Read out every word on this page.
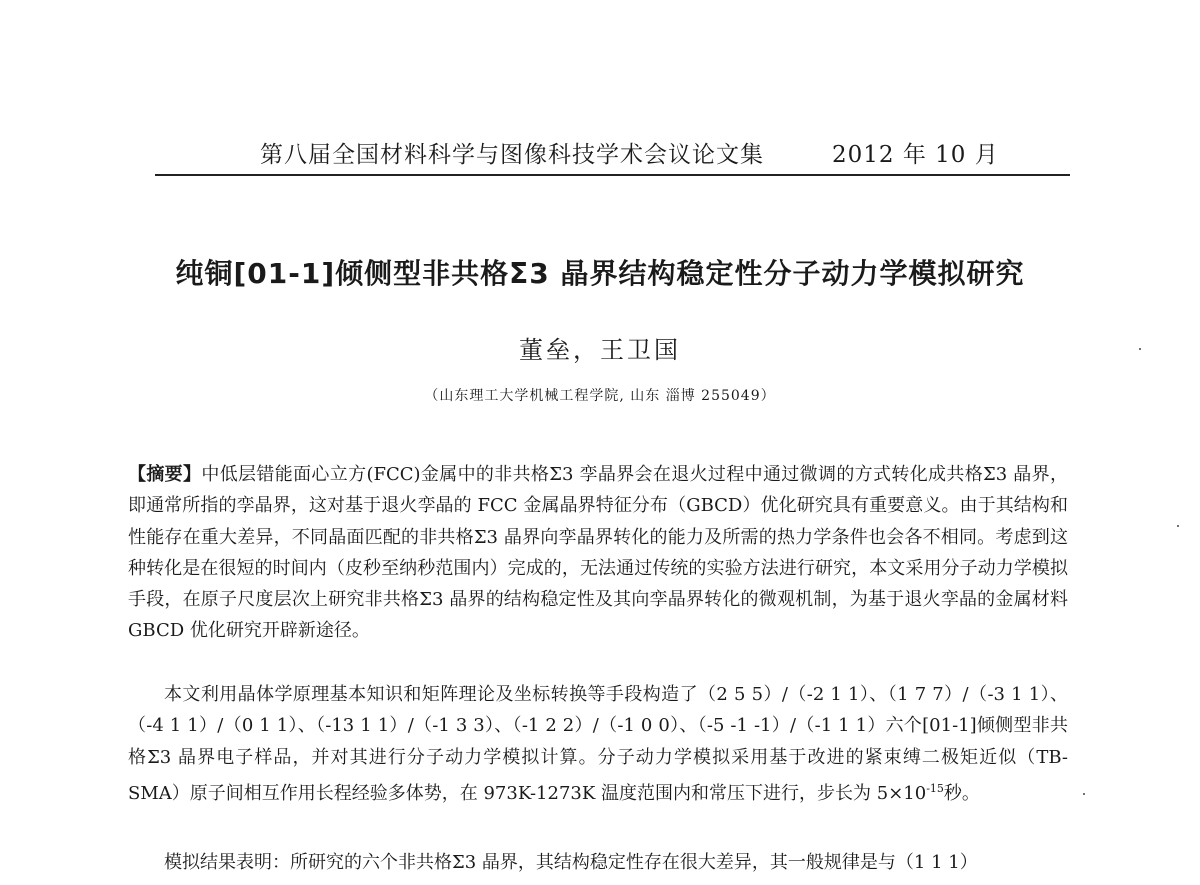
第八届全国材料科学与图像科技学术会议论文集	2012 年 10 月
纯铜[01-1]倾侧型非共格Σ3 晶界结构稳定性分子动力学模拟研究
董垒，王卫国
（山东理工大学机械工程学院, 山东 淄博 255049）

【摘要】中低层错能面心立方(FCC)金属中的非共格Σ3 孪晶界会在退火过程中通过微调的方式转化成共格Σ3 晶界，即通常所指的孪晶界，这对基于退火孪晶的 FCC 金属晶界特征分布（GBCD）优化研究具有重要意义。由于其结构和性能存在重大差异，不同晶面匹配的非共格Σ3 晶界向孪晶界转化的能力及所需的热力学条件也会各不相同。考虑到这种转化是在很短的时间内（皮秒至纳秒范围内）完成的，无法通过传统的实验方法进行研究，本文采用分子动力学模拟手段，在原子尺度层次上研究非共格Σ3 晶界的结构稳定性及其向孪晶界转化的微观机制，为基于退火孪晶的金属材料 GBCD 优化研究开辟新途径。

本文利用晶体学原理基本知识和矩阵理论及坐标转换等手段构造了（2 5 5）/（-2 1 1）、（1 7 7）/（-3 1 1）、（-4 1 1）/（0 1 1）、（-13 1 1）/（-1 3 3）、（-1 2 2）/（-1 0 0）、（-5 -1 -1）/（-1 1 1）六个[01-1]倾侧型非共格Σ3 晶界电子样品，并对其进行分子动力学模拟计算。分子动力学模拟采用基于改进的紧束缚二极矩近似（TB-SMA）原子间相互作用长程经验多体势，在 973K-1273K 温度范围内和常压下进行，步长为 $5\times 10^{-15}$秒。

模拟结果表明：所研究的六个非共格Σ3 晶界，其结构稳定性存在很大差异，其一般规律是与（1 1 1）
